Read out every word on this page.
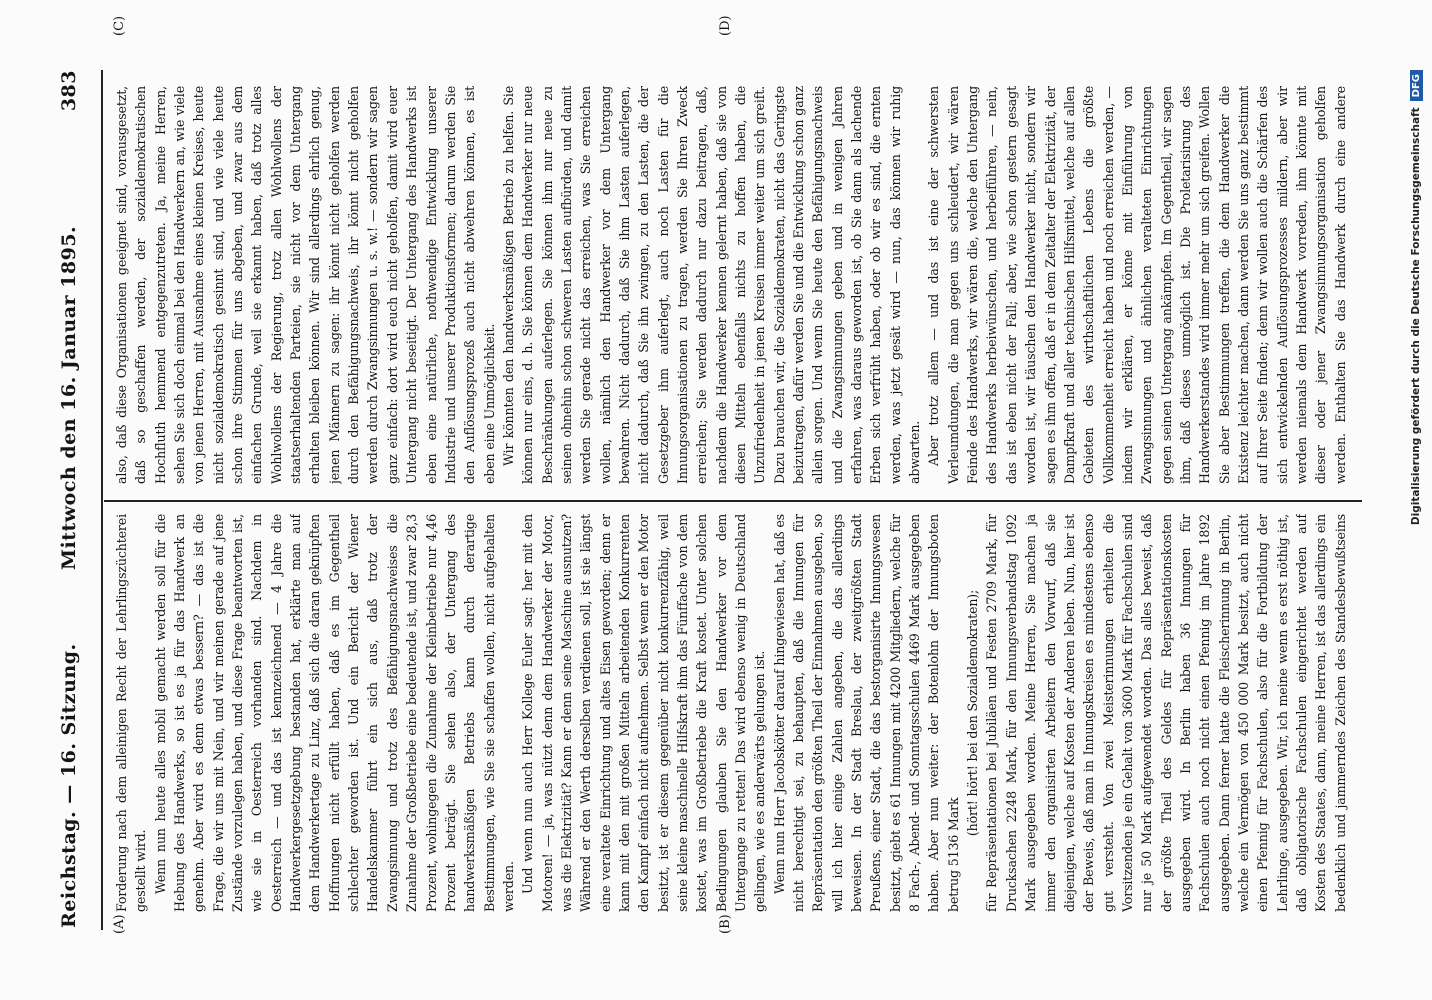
Reichstag. — 16. Sitzung.
Mittwoch den 16. Januar 1895.
383
(A)	(B)
(C)	(D)

Forderung nach dem alleinigen Recht der Lehrlingszüchterei gestellt wird. Wenn nun heute alles mobil gemacht werden soll für die Hebung des Handwerks, so ist es ja für das Handwerk an genehm. Aber wird es denn etwas bessern? — das ist die Frage, die wir uns mit Nein, und wir meinen gerade auf jene Zustände vorzulegen haben, und diese Frage beantworten ist, wie sie in Oesterreich vorhanden sind. Nachdem in Oesterreich — und das ist kennzeichnend — 4 Jahre die Handwerkergesetzgebung bestanden hat, erklärte man auf dem Handwerkertage zu Linz, daß sich die daran geknüpften Hoffnungen nicht erfüllt haben, daß es im Gegentheil schlechter geworden ist. Und ein Bericht der Wiener Handelskammer führt ein sich aus, daß trotz der Zwangsinnung und trotz des Befähigungsnachweises die Zunahme der Großbetriebe eine bedeutende ist, und zwar 28,3 Prozent, wohingegen die Zunahme der Kleinbetriebe nur 4,46 Prozent beträgt. Sie sehen also, der Untergang des handwerksmäßigen Betriebs kann durch derartige Bestimmungen, wie Sie sie schaffen wollen, nicht aufgehalten werden. Und wenn nun auch Herr Kollege Euler sagt: her mit den Motoren! — ja, was nützt denn dem Handwerker der Motor, was die Elektrizität? Kann er denn seine Maschine ausnutzen? Während er den Werth derselben verdienen soll, ist sie längst eine veraltete Einrichtung und altes Eisen geworden; denn er kann mit den mit großen Mitteln arbeitenden Konkurrenten den Kampf einfach nicht aufnehmen. Selbst wenn er den Motor besitzt, ist er diesem gegenüber nicht konkurrenzfähig, weil seine kleine maschinelle Hilfskraft ihm das Fünffache von dem kostet, was im Großbetriebe die Kraft kostet. Unter solchen Bedingungen glauben Sie den Handwerker vor dem Untergange zu retten! Das wird ebenso wenig in Deutschland gelingen, wie es anderwärts gelungen ist. Wenn nun Herr Jacobskötter darauf hingewiesen hat, daß es nicht berechtigt sei, zu behaupten, daß die Innungen für Repräsentation den größten Theil der Einnahmen ausgeben, so will ich hier einige Zahlen angeben, die das allerdings beweisen. In der Stadt Breslau, der zweitgrößten Stadt Preußens, einer Stadt, die das bestorganisirte Innungswesen besitzt, giebt es 61 Innungen mit 4200 Mitgliedern, welche für 8 Fach-, Abend- und Sonntagsschulen 4469 Mark ausgegeben haben. Aber nun weiter: der Botenlohn der Innungsboten betrug 5136 Mark

(hört! hört! bei den Sozialdemokraten);

für Repräsentationen bei Jubiläen und Festen 2709 Mark, für Drucksachen 2248 Mark, für den Innungsverbandstag 1092 Mark ausgegeben worden. Meine Herren, Sie machen ja immer den organisirten Arbeitern den Vorwurf, daß sie diejenigen, welche auf Kosten der Anderen leben. Nun, hier ist der Beweis, daß man in Innungskreisen es mindestens ebenso gut versteht. Von zwei Meisterinnungen erhielten die Vorsitzenden je ein Gehalt von 3600 Mark für Fachschulen sind nur je 50 Mark aufgewendet worden. Das alles beweist, daß der größte Theil des Geldes für Repräsentationskosten ausgegeben wird. In Berlin haben 36 Innungen für Fachschulen auch noch nicht einen Pfennig im Jahre 1892 ausgegeben. Dann ferner hatte die Fleischerinnung in Berlin, welche ein Vermögen von 450 000 Mark besitzt, auch nicht einen Pfennig für Fachschulen, also für die Fortbildung der Lehrlinge, ausgegeben. Wir, ich meine wenn es erst nöthig ist, daß obligatorische Fachschulen eingerichtet werden auf Kosten des Staates, dann, meine Herren, ist das allerdings ein bedenklich und jammerndes Zeichen des Standesbewußtseins

also, daß diese Organisationen geeignet sind, vorausgesetzt, daß so geschaffen werden, der sozialdemokratischen Hochfluth hemmend entgegenzutreten. Ja, meine Herren, sehen Sie sich doch einmal bei den Handwerkern an, wie viele von jenen Herren, mit Ausnahme eines kleinen Kreises, heute nicht sozialdemokratisch gesinnt sind, und wie viele heute schon ihre Stimmen für uns abgeben, und zwar aus dem einfachen Grunde, weil sie erkannt haben, daß trotz alles Wohlwollens der Regierung, trotz allen Wohlwollens der staatserhaltenden Parteien, sie nicht vor dem Untergang erhalten bleiben können. Wir sind allerdings ehrlich genug, jenen Männern zu sagen: ihr könnt nicht geholfen werden durch den Befähigungsnachweis, ihr könnt nicht geholfen werden durch Zwangsinnungen u. s. w.! — sondern wir sagen ganz einfach: dort wird euch nicht geholfen, damit wird euer Untergang nicht beseitigt. Der Untergang des Handwerks ist eben eine natürliche, nothwendige Entwicklung unserer Industrie und unserer Produktionsformen; darum werden Sie den Auflösungsprozeß auch nicht abwehren können, es ist eben eine Unmöglichkeit. Wir könnten den handwerksmäßigen Betrieb zu helfen. Sie können nur eins, d. h. Sie können dem Handwerker nur neue Beschränkungen auferlegen. Sie können ihm nur neue zu seinen ohnehin schon schweren Lasten aufbürden, und damit werden Sie gerade nicht das erreichen, was Sie erreichen wollen, nämlich den Handwerker vor dem Untergang bewahren. Nicht dadurch, daß Sie ihm Lasten auferlegen, nicht dadurch, daß Sie ihn zwingen, zu den Lasten, die der Gesetzgeber ihm auferlegt, auch noch Lasten für die Innungsorganisationen zu tragen, werden Sie Ihren Zweck erreichen; Sie werden dadurch nur dazu beitragen, daß, nachdem die Handwerker kennen gelernt haben, daß sie von diesen Mitteln ebenfalls nichts zu hoffen haben, die Unzufriedenheit in jenen Kreisen immer weiter um sich greift. Dazu brauchen wir, die Sozialdemokraten, nicht das Geringste beizutragen, dafür werden Sie und die Entwicklung schon ganz allein sorgen. Und wenn Sie heute den Befähigungsnachweis und die Zwangsinnungen geben und in wenigen Jahren erfahren, was daraus geworden ist, ob Sie dann als lachende Erben sich verfrüht haben, oder ob wir es sind, die ernten werden, was jetzt gesät wird — nun, das können wir ruhig abwarten. Aber trotz allem — und das ist eine der schwersten Verleumdungen, die man gegen uns schleudert, wir wären Feinde des Handwerks, wir wären die, welche den Untergang des Handwerks herbeiwünschen, und herbeiführen, — nein, das ist eben nicht der Fall; aber, wie schon gestern gesagt worden ist, wir täuschen den Handwerker nicht, sondern wir sagen es ihm offen, daß er in dem Zeitalter der Elektrizität, der Dampfkraft und aller technischen Hilfsmittel, welche auf allen Gebieten des wirthschaftlichen Lebens die größte Vollkommenheit erreicht haben und noch erreichen werden, — indem wir erklären, er könne mit Einführung von Zwangsinnungen und ähnlichen veralteten Einrichtungen gegen seinen Untergang ankämpfen. Im Gegentheil, wir sagen ihm, daß dieses unmöglich ist. Die Proletarisirung des Handwerkerstandes wird immer mehr um sich greifen. Wollen Sie aber Bestimmungen treffen, die dem Handwerker die Existenz leichter machen, dann werden Sie uns ganz bestimmt auf Ihrer Seite finden; denn wir wollen auch die Schärfen des sich entwickelnden Auflösungsprozesses mildern, aber wir werden niemals dem Handwerk vorreden, ihm könnte mit dieser oder jener Zwangsinnungsorganisation geholfen werden. Enthalten Sie das Handwerk durch eine andere	Digitalisierung gefördert durch die Deutsche ForschungsgemeinschaftDFG
